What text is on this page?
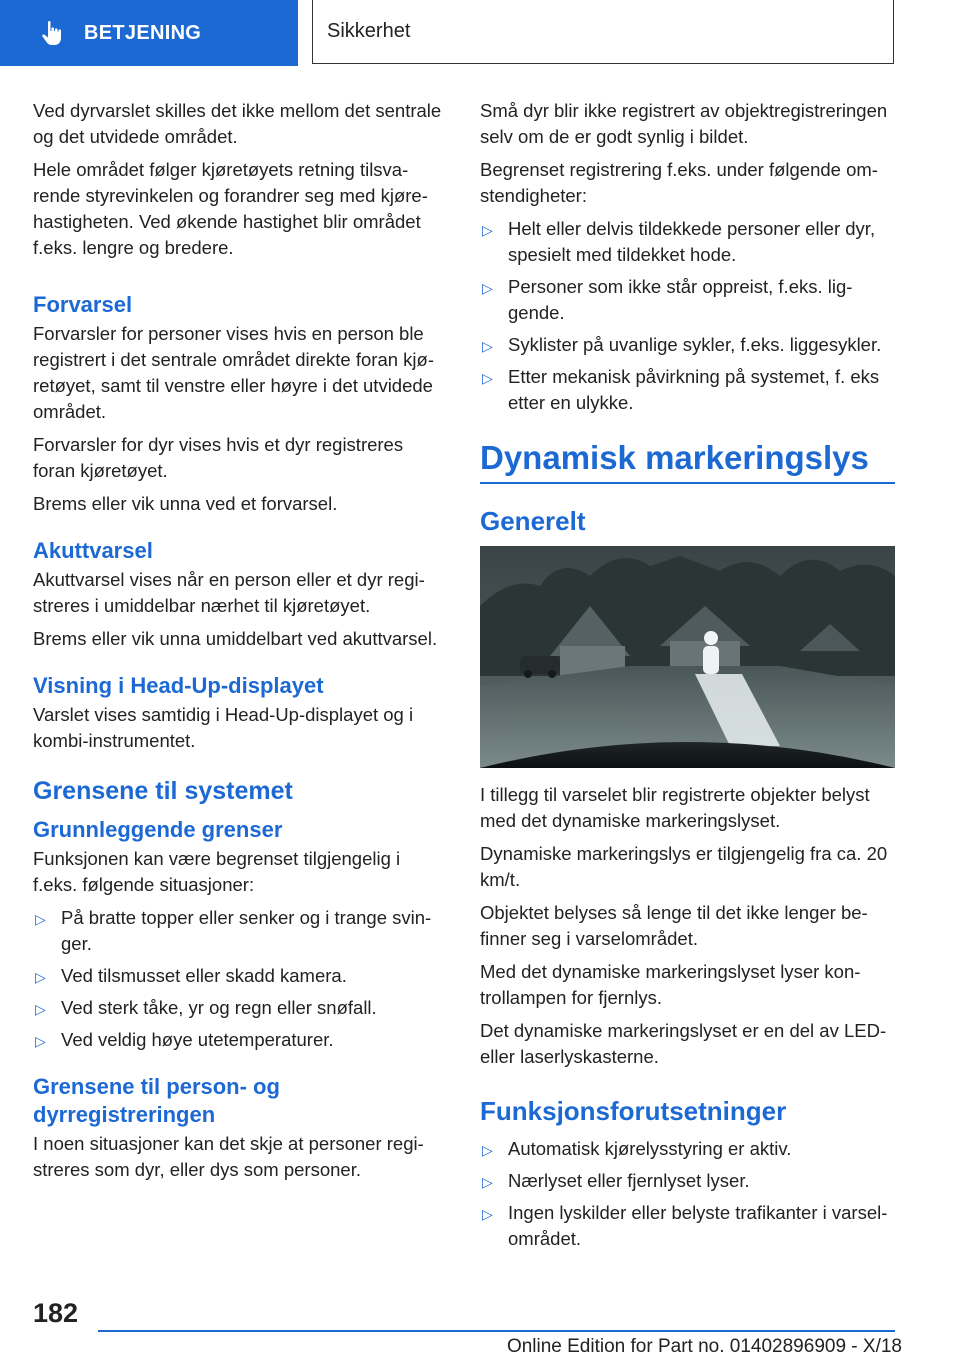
BETJENING	Sikkerhet

Ved dyrvarslet skilles det ikke mellom det sentrale og det utvidede området.

Hele området følger kjøretøyets retning tilsvarende styrevinkelen og forandrer seg med kjørehastigheten. Ved økende hastighet blir området f.eks. lengre og bredere.

Forvarsel

Forvarsler for personer vises hvis en person ble registrert i det sentrale området direkte foran kjøretøyet, samt til venstre eller høyre i det utvidede området.

Forvarsler for dyr vises hvis et dyr registreres foran kjøretøyet.

Brems eller vik unna ved et forvarsel.

Akuttvarsel

Akuttvarsel vises når en person eller et dyr registreres i umiddelbar nærhet til kjøretøyet.

Brems eller vik unna umiddelbart ved akuttvarsel.

Visning i Head-Up-displayet

Varslet vises samtidig i Head-Up-displayet og i kombi-instrumentet.

Grensene til systemet
Grunnleggende grenser

Funksjonen kan være begrenset tilgjengelig i f.eks. følgende situasjoner:

▷ På bratte topper eller senker og i trange svinger.
▷ Ved tilsmusset eller skadd kamera.
▷ Ved sterk tåke, yr og regn eller snøfall.
▷ Ved veldig høye utetemperaturer.
Grensene til person- og dyrregistreringen

I noen situasjoner kan det skje at personer registreres som dyr, eller dys som personer.

Små dyr blir ikke registrert av objektregistreringen selv om de er godt synlig i bildet.

Begrenset registrering f.eks. under følgende omstendigheter:

▷ Helt eller delvis tildekkede personer eller dyr, spesielt med tildekket hode.
▷ Personer som ikke står oppreist, f.eks. liggende.
▷ Syklister på uvanlige sykler, f.eks. liggesykler.
▷ Etter mekanisk påvirkning på systemet, f. eks etter en ulykke.
Dynamisk markeringslys
Generelt

I tillegg til varselet blir registrerte objekter belyst med det dynamiske markeringslyset.

Dynamiske markeringslys er tilgjengelig fra ca. 20 km/t.

Objektet belyses så lenge til det ikke lenger befinner seg i varselområdet.

Med det dynamiske markeringslyset lyser kontrollampen for fjernlys.

Det dynamiske markeringslyset er en del av LED- eller laserlyskasterne.

Funksjonsforutsetninger
▷ Automatisk kjørelysstyring er aktiv.
▷ Nærlyset eller fjernlyset lyser.
▷ Ingen lyskilder eller belyste trafikanter i varselområdet.
182
Online Edition for Part no. 01402896909 - X/18
